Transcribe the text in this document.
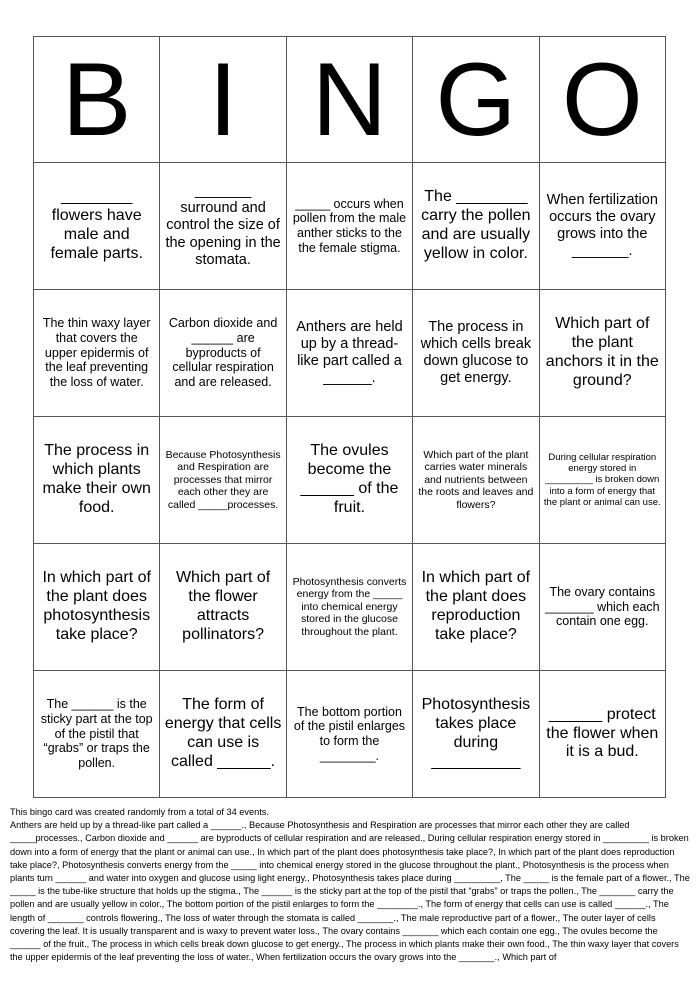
B	I	N	G	O
________ flowers have male and female parts.	_______ surround and control the size of the opening in the stomata.	_____ occurs when pollen from the male anther sticks to the the female stigma.	The ________ carry the pollen and are usually yellow in color.	When fertilization occurs the ovary grows into the _______.
The thin waxy layer that covers the upper epidermis of the leaf preventing the loss of water.	Carbon dioxide and ______ are byproducts of cellular respiration and are released.	Anthers are held up by a thread-like part called a ______.	The process in which cells break down glucose to get energy.	Which part of the plant anchors it in the ground?
The process in which plants make their own food.	Because Photosynthesis and Respiration are processes that mirror each other they are called _____processes.	The ovules become the ______ of the fruit.	Which part of the plant carries water minerals and nutrients between the roots and leaves and flowers?	During cellular respiration energy stored in _________ is broken down into a form of energy that the plant or animal can use.
In which part of the plant does photosynthesis take place?	Which part of the flower attracts pollinators?	Photosynthesis converts energy from the _____ into chemical energy stored in the glucose throughout the plant.	In which part of the plant does reproduction take place?	The ovary contains _______ which each contain one egg.
The ______ is the sticky part at the top of the pistil that “grabs” or traps the pollen.	The form of energy that cells can use is called ______.	The bottom portion of the pistil enlarges to form the ________.	Photosynthesis takes place during __________	______ protect the flower when it is a bud.

This bingo card was created randomly from a total of 34 events.

Anthers are held up by a thread-like part called a ______., Because Photosynthesis and Respiration are processes that mirror each other they are called _____processes., Carbon dioxide and ______ are byproducts of cellular respiration and are released., During cellular respiration energy stored in _________ is broken down into a form of energy that the plant or animal can use., In which part of the plant does photosynthesis take place?, In which part of the plant does reproduction take place?, Photosynthesis converts energy from the _____ into chemical energy stored in the glucose throughout the plant., Photosynthesis is the process when plants turn ______ and water into oxygen and glucose using light energy., Photosynthesis takes place during _________, The _____ is the female part of a flower., The _____ is the tube-like structure that holds up the stigma., The ______ is the sticky part at the top of the pistil that “grabs” or traps the pollen., The _______ carry the pollen and are usually yellow in color., The bottom portion of the pistil enlarges to form the ________., The form of energy that cells can use is called ______., The length of _______ controls flowering., The loss of water through the stomata is called _______., The male reproductive part of a flower., The outer layer of cells covering the leaf. It is usually transparent and is waxy to prevent water loss., The ovary contains _______ which each contain one egg., The ovules become the ______ of the fruit., The process in which cells break down glucose to get energy., The process in which plants make their own food., The thin waxy layer that covers the upper epidermis of the leaf preventing the loss of water., When fertilization occurs the ovary grows into the _______., Which part of
